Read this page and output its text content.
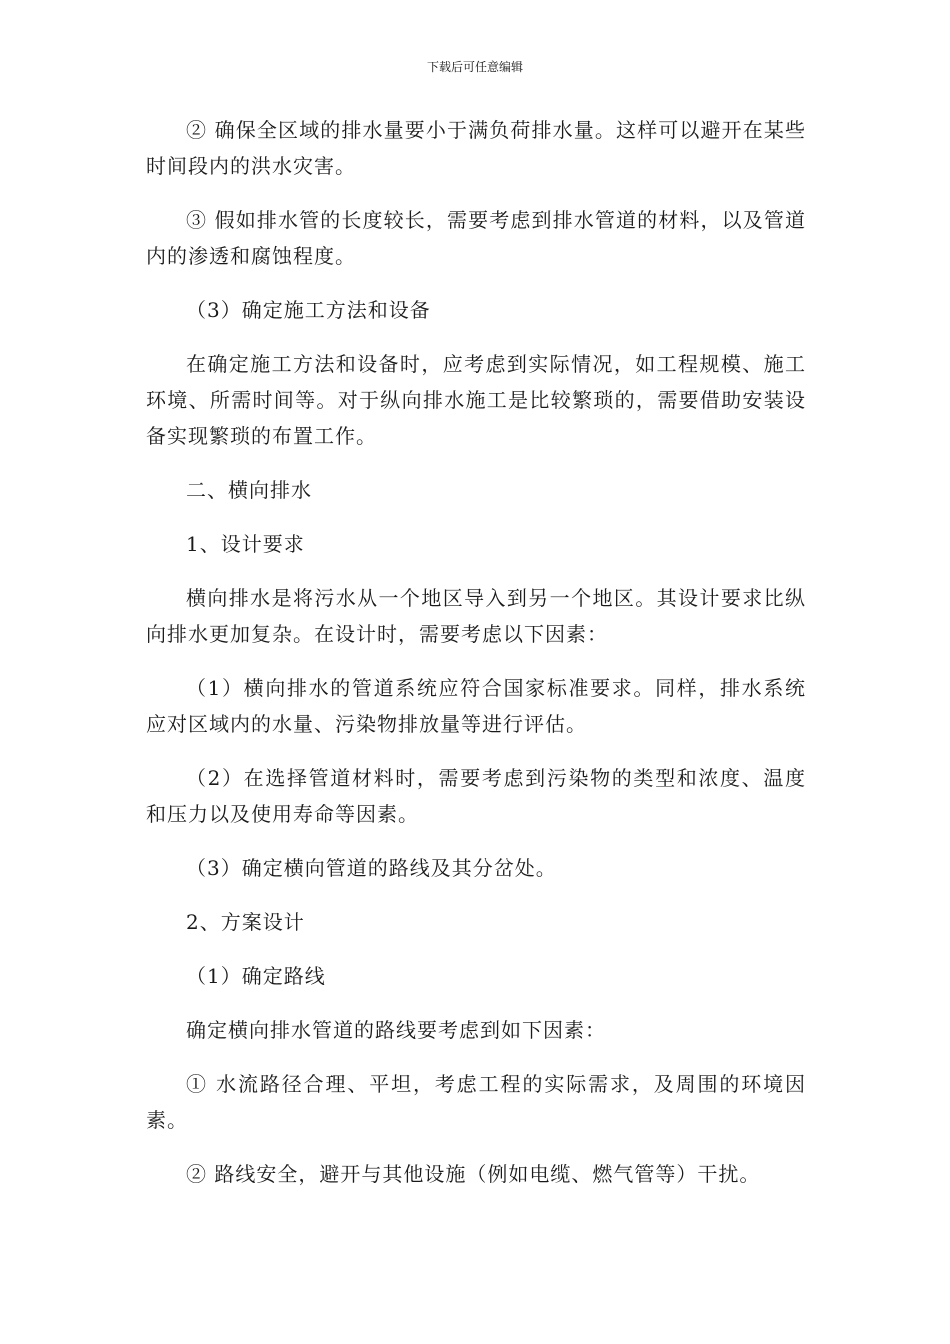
下载后可任意编辑

② 确保全区域的排水量要小于满负荷排水量。这样可以避开在某些时间段内的洪水灾害。

③ 假如排水管的长度较长，需要考虑到排水管道的材料，以及管道内的渗透和腐蚀程度。

（3）确定施工方法和设备

在确定施工方法和设备时，应考虑到实际情况，如工程规模、施工环境、所需时间等。对于纵向排水施工是比较繁琐的，需要借助安装设备实现繁琐的布置工作。

二、横向排水

1、设计要求

横向排水是将污水从一个地区导入到另一个地区。其设计要求比纵向排水更加复杂。在设计时，需要考虑以下因素：

（1）横向排水的管道系统应符合国家标准要求。同样，排水系统应对区域内的水量、污染物排放量等进行评估。

（2）在选择管道材料时，需要考虑到污染物的类型和浓度、温度和压力以及使用寿命等因素。

（3）确定横向管道的路线及其分岔处。

2、方案设计

（1）确定路线

确定横向排水管道的路线要考虑到如下因素：

① 水流路径合理、平坦，考虑工程的实际需求，及周围的环境因素。

② 路线安全，避开与其他设施（例如电缆、燃气管等）干扰。
